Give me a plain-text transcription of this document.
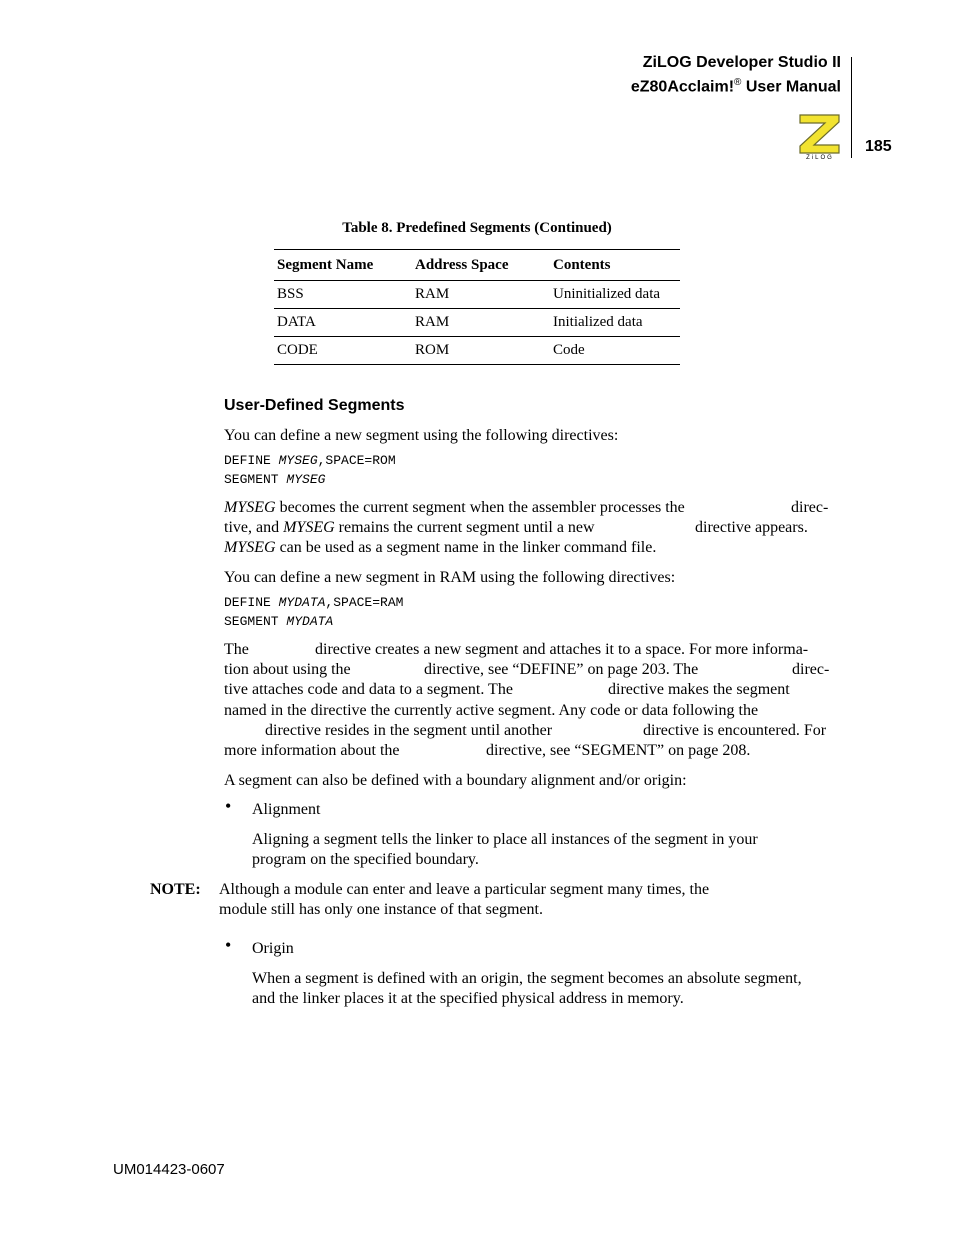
ZiLOG Developer Studio II
eZ80Acclaim!® User Manual
ZiLOG
185
Table 8. Predefined Segments (Continued)
Segment Name	Address Space	Contents
BSS	RAM	Uninitialized data
DATA	RAM	Initialized data
CODE	ROM	Code
User-Defined Segments
You can define a new segment using the following directives:
DEFINE MYSEG,SPACE=ROM
SEGMENT MYSEG
MYSEG becomes the current segment when the assembler processes the	direc-
tive, and MYSEG remains the current segment until a new	directive appears.
MYSEG can be used as a segment name in the linker command file.
You can define a new segment in RAM using the following directives:
DEFINE MYDATA,SPACE=RAM
SEGMENT MYDATA
The	directive creates a new segment and attaches it to a space. For more informa-
tion about using the	directive, see “DEFINE” on page 203. The	direc-
tive attaches code and data to a segment. The	directive makes the segment
named in the directive the currently active segment. Any code or data following the
directive resides in the segment until another	directive is encountered. For
more information about the	directive, see “SEGMENT” on page 208.
A segment can also be defined with a boundary alignment and/or origin:
• Alignment
Aligning a segment tells the linker to place all instances of the segment in your
program on the specified boundary.
NOTE: Although a module can enter and leave a particular segment many times, the
module still has only one instance of that segment.
• Origin
When a segment is defined with an origin, the segment becomes an absolute segment,
and the linker places it at the specified physical address in memory.
UM014423-0607
